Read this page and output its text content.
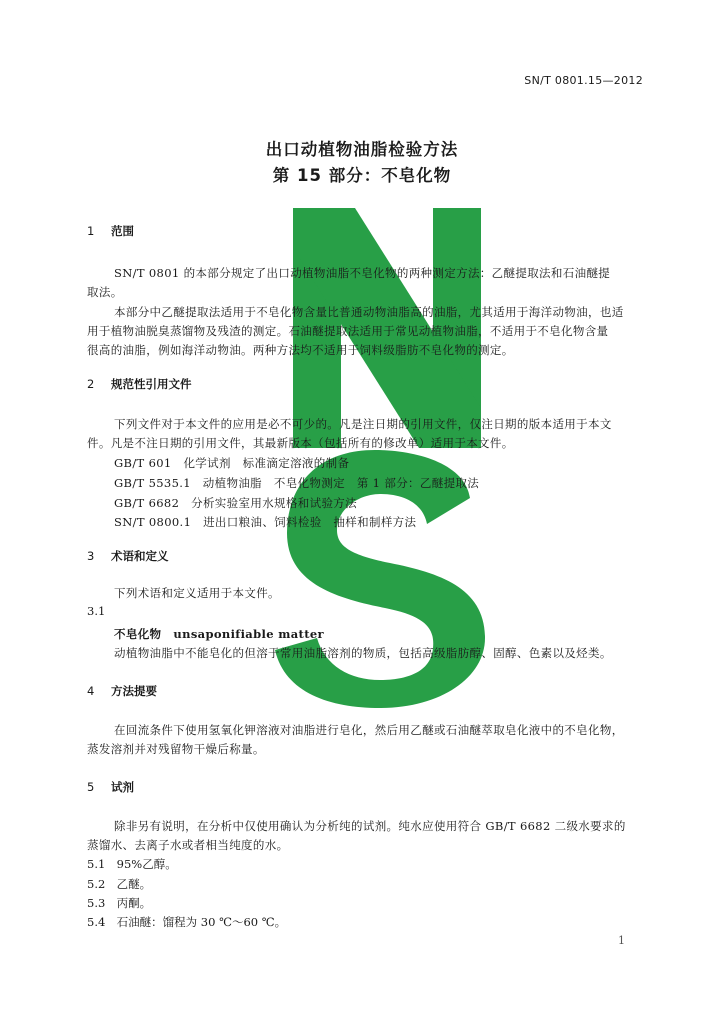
SN/T 0801.15—2012
出口动植物油脂检验方法
第 15 部分：不皂化物
1 范围
SN/T 0801 的本部分规定了出口动植物油脂不皂化物的两种测定方法：乙醚提取法和石油醚提
取法。
本部分中乙醚提取法适用于不皂化物含量比普通动物油脂高的油脂，尤其适用于海洋动物油，也适
用于植物油脱臭蒸馏物及残渣的测定。石油醚提取法适用于常见动植物油脂，不适用于不皂化物含量
很高的油脂，例如海洋动物油。两种方法均不适用于饲料级脂肪不皂化物的测定。
2 规范性引用文件
下列文件对于本文件的应用是必不可少的。凡是注日期的引用文件，仅注日期的版本适用于本文
件。凡是不注日期的引用文件，其最新版本（包括所有的修改单）适用于本文件。
GB/T 601　化学试剂　标准滴定溶液的制备
GB/T 5535.1　动植物油脂　不皂化物测定　第 1 部分：乙醚提取法
GB/T 6682　分析实验室用水规格和试验方法
SN/T 0800.1　进出口粮油、饲料检验　抽样和制样方法
3 术语和定义
下列术语和定义适用于本文件。
3.1
不皂化物 unsaponifiable matter
动植物油脂中不能皂化的但溶于常用油脂溶剂的物质，包括高级脂肪醇、固醇、色素以及烃类。
4 方法提要
在回流条件下使用氢氧化钾溶液对油脂进行皂化，然后用乙醚或石油醚萃取皂化液中的不皂化物，
蒸发溶剂并对残留物干燥后称量。
5 试剂
除非另有说明，在分析中仅使用确认为分析纯的试剂。纯水应使用符合 GB/T 6682 二级水要求的
蒸馏水、去离子水或者相当纯度的水。
5.1 95%乙醇。
5.2 乙醚。
5.3 丙酮。
5.4 石油醚：馏程为 30 ℃～60 ℃。
1
